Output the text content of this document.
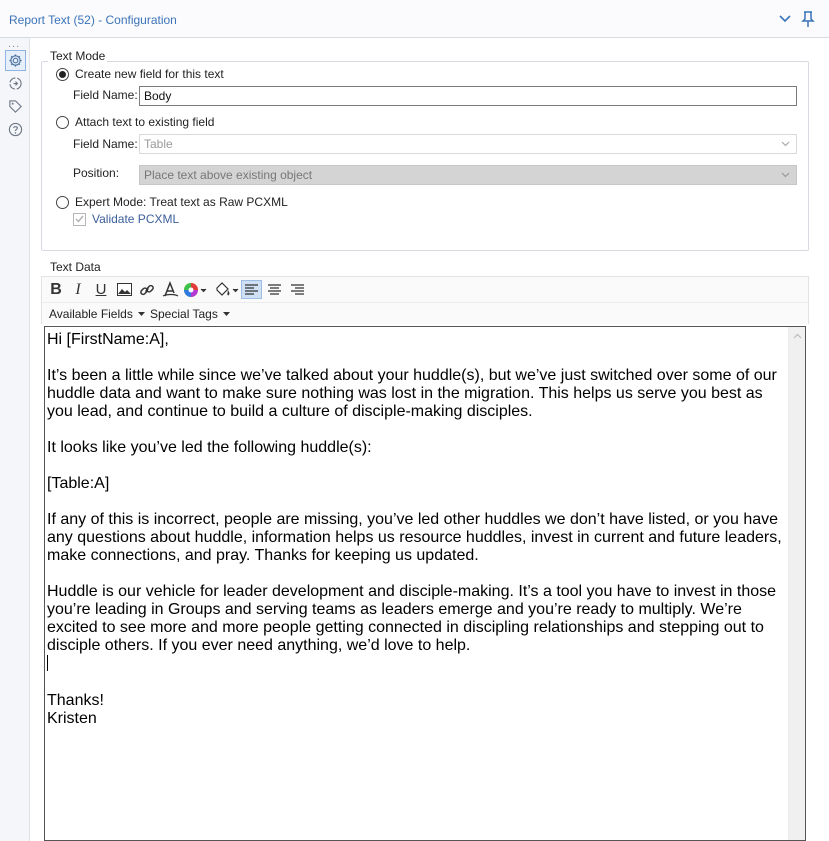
Report Text (52) - Configuration
...
Text Mode
Create new field for this text
Field Name: Body
Attach text to existing field
Field Name: Table
Position:	Place text above existing object
Expert Mode: Treat text as Raw PCXML
Validate PCXML
Text Data
B I U
Available Fields Special Tags

Hi [FirstName:A],

It’s been a little while since we’ve talked about your huddle(s), but we’ve just switched over some of our huddle data and want to make sure nothing was lost in the migration. This helps us serve you best as you lead, and continue to build a culture of disciple-making disciples.

It looks like you’ve led the following huddle(s):

[Table:A]

If any of this is incorrect, people are missing, you’ve led other huddles we don’t have listed, or you have any questions about huddle, information helps us resource huddles, invest in current and future leaders, make connections, and pray. Thanks for keeping us updated.

Huddle is our vehicle for leader development and disciple-making. It’s a tool you have to invest in those you’re leading in Groups and serving teams as leaders emerge and you’re ready to multiply. We’re excited to see more and more people getting connected in discipling relationships and stepping out to disciple others. If you ever need anything, we’d love to help.

Thanks!

Kristen
